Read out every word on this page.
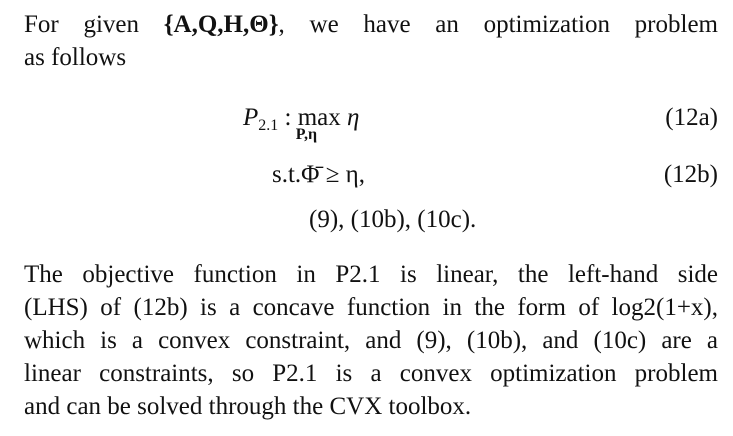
For given {A,Q,H,Θ}, we have an optimization problem
as follows
$P_{2.1}$ : max
P,η
η	(12a)
s.t.Φ̄ ≥ η,	(12b)
(9), (10b), (10c).
The objective function in P2.1 is linear, the left-hand side
(LHS) of (12b) is a concave function in the form of log2(1+x),
which is a convex constraint, and (9), (10b), and (10c) are a
linear constraints, so P2.1 is a convex optimization problem
and can be solved through the CVX toolbox.
